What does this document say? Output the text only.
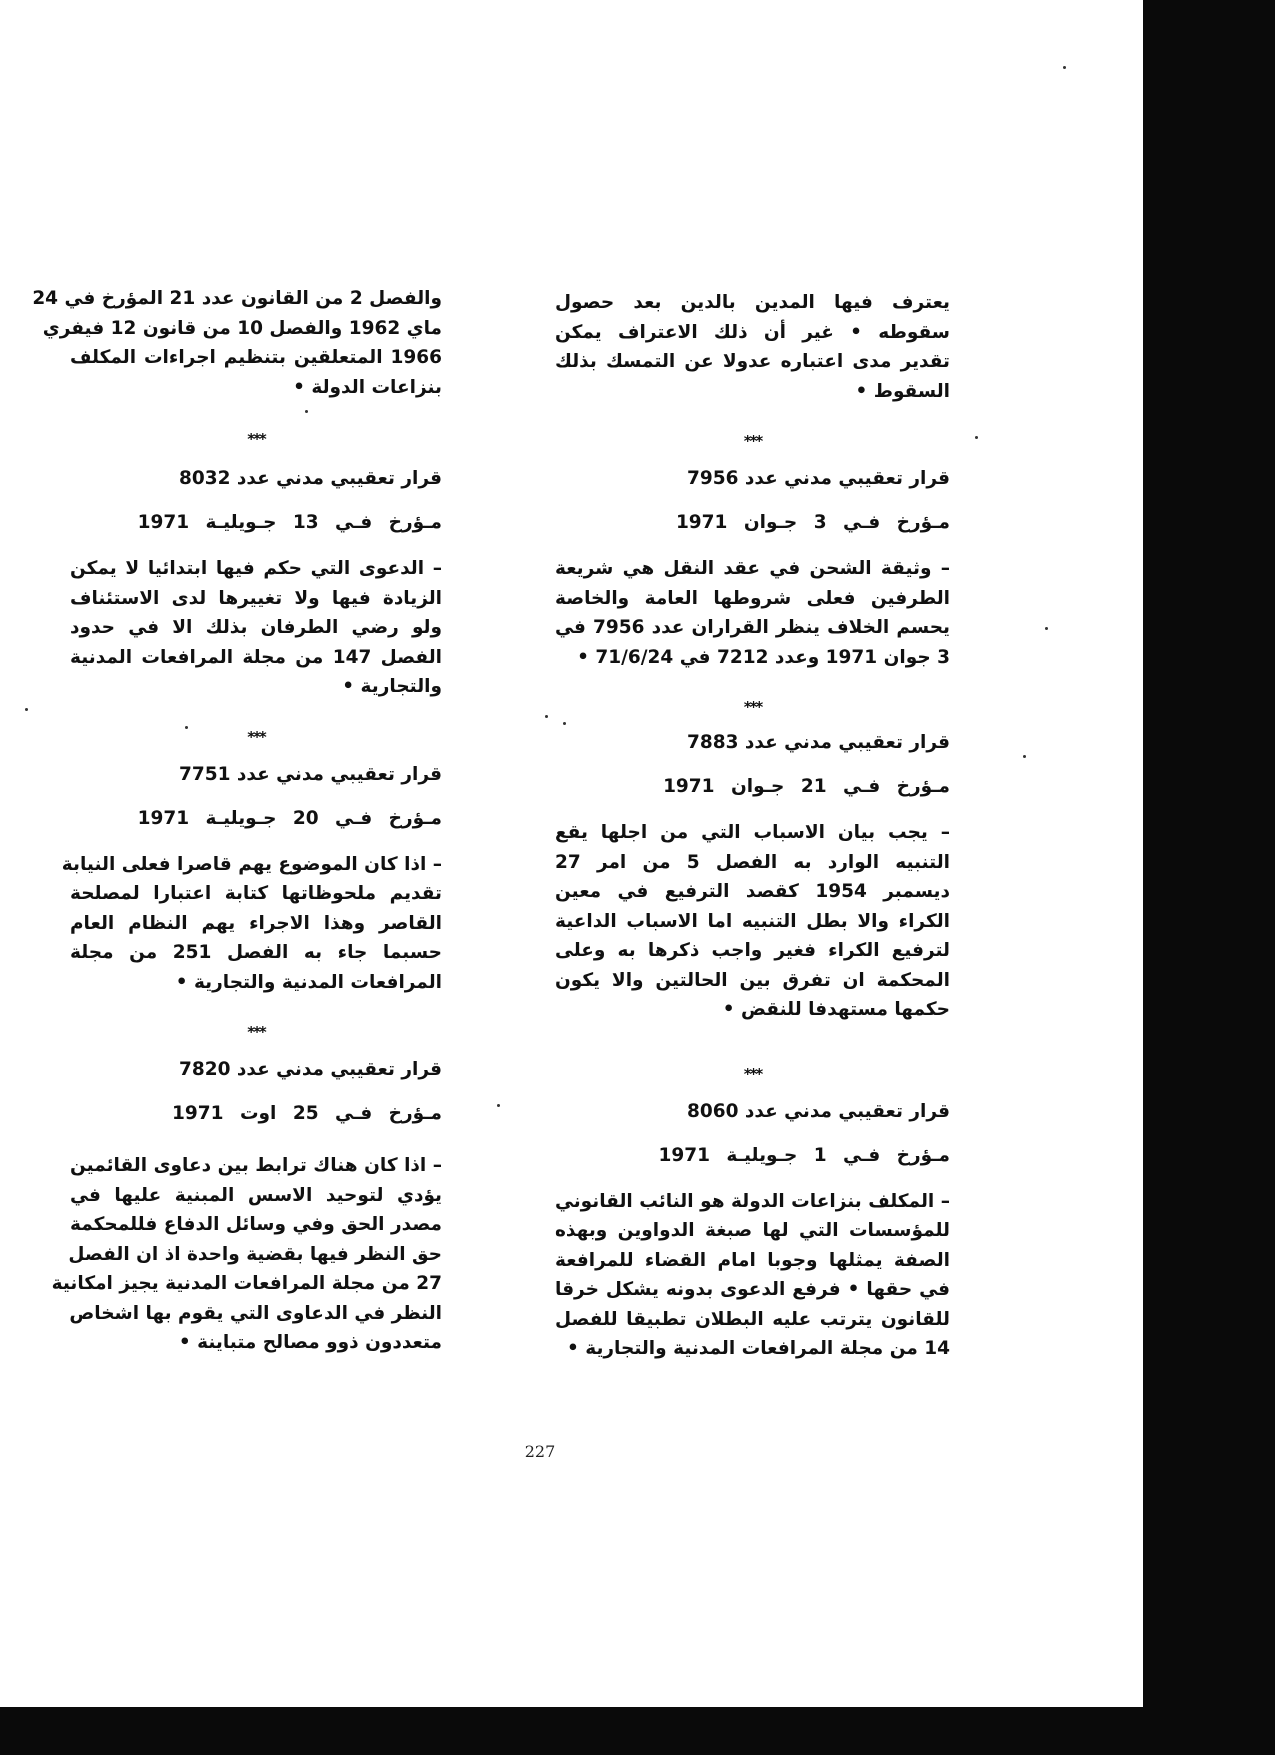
يعترف فيها المدين بالدين بعد حصول
سقوطه • غير أن ذلك الاعتراف يمكن
تقدير مدى اعتباره عدولا عن التمسك بذلك
السقوط •
***
قرار تعقيبي مدني عدد 7956
مـؤرخ فـي 3 جـوان 1971
– وثيقة الشحن في عقد النقل هي شريعة
الطرفين فعلى شروطها العامة والخاصة
يحسم الخلاف ينظر القراران عدد 7956 في
3 جوان 1971 وعدد 7212 في 71/6/24 •
***
قرار تعقيبي مدني عدد 7883
مـؤرخ فـي 21 جـوان 1971
– يجب بيان الاسباب التي من اجلها يقع
التنبيه الوارد به الفصل 5 من امر 27
ديسمبر 1954 كقصد الترفيع في معين
الكراء والا بطل التنبيه اما الاسباب الداعية
لترفيع الكراء فغير واجب ذكرها به وعلى
المحكمة ان تفرق بين الحالتين والا يكون
حكمها مستهدفا للنقض •
***
قرار تعقيبي مدني عدد 8060
مـؤرخ فـي 1 جـويليـة 1971
– المكلف بنزاعات الدولة هو النائب القانوني
للمؤسسات التي لها صبغة الدواوين وبهذه
الصفة يمثلها وجوبا امام القضاء للمرافعة
في حقها • فرفع الدعوى بدونه يشكل خرقا
للقانون يترتب عليه البطلان تطبيقا للفصل
14 من مجلة المرافعات المدنية والتجارية •
والفصل 2 من القانون عدد 21 المؤرخ في 24
ماي 1962 والفصل 10 من قانون 12 فيفري
1966 المتعلقين بتنظيم اجراءات المكلف
بنزاعات الدولة •
***
قرار تعقيبي مدني عدد 8032
مـؤرخ فـي 13 جـويليـة 1971
– الدعوى التي حكم فيها ابتدائيا لا يمكن
الزيادة فيها ولا تغييرها لدى الاستئناف
ولو رضي الطرفان بذلك الا في حدود
الفصل 147 من مجلة المرافعات المدنية
والتجارية •
***
قرار تعقيبي مدني عدد 7751
مـؤرخ فـي 20 جـويليـة 1971
– اذا كان الموضوع يهم قاصرا فعلى النيابة
تقديم ملحوظاتها كتابة اعتبارا لمصلحة
القاصر وهذا الاجراء يهم النظام العام
حسبما جاء به الفصل 251 من مجلة
المرافعات المدنية والتجارية •
***
قرار تعقيبي مدني عدد 7820
مـؤرخ فـي 25 اوت 1971
– اذا كان هناك ترابط بين دعاوى القائمين
يؤدي لتوحيد الاسس المبنية عليها في
مصدر الحق وفي وسائل الدفاع فللمحكمة
حق النظر فيها بقضية واحدة اذ ان الفصل
27 من مجلة المرافعات المدنية يجيز امكانية
النظر في الدعاوى التي يقوم بها اشخاص
متعددون ذوو مصالح متباينة •
227
